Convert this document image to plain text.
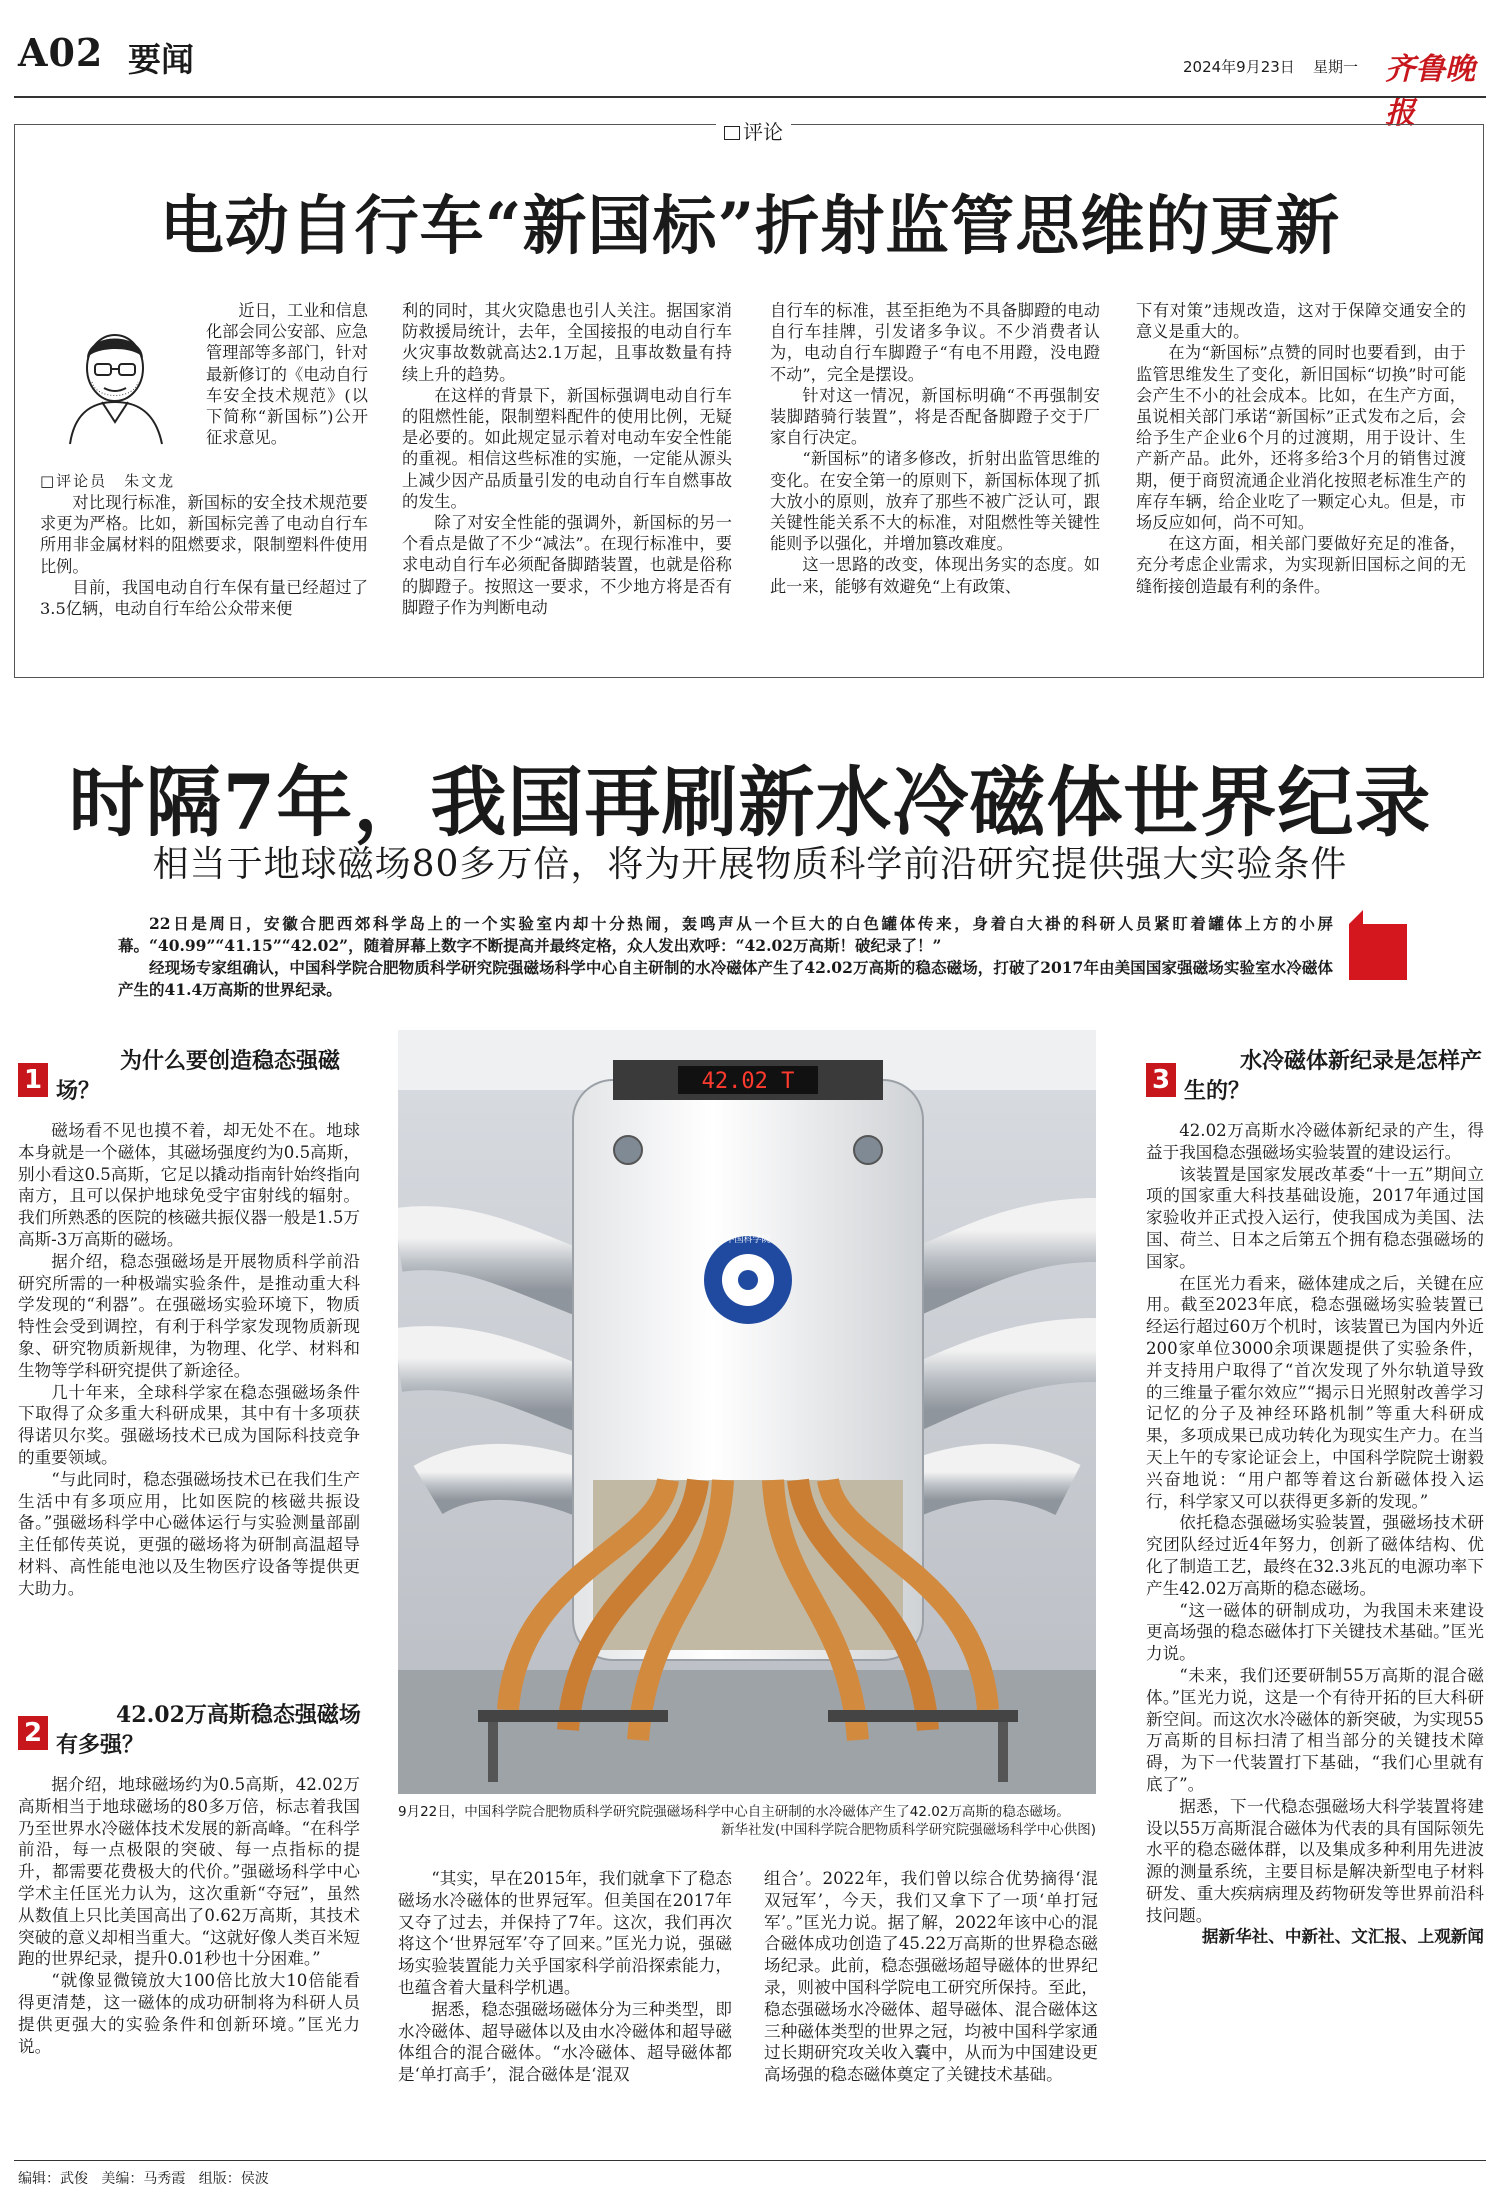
A02 要闻	2024年9月23日 星期一 齐鲁晚报
评论
电动自行车“新国标”折射监管思维的更新
□评论员　朱文龙

近日，工业和信息化部会同公安部、应急管理部等多部门，针对最新修订的《电动自行车安全技术规范》(以下简称“新国标”)公开征求意见。

对比现行标准，新国标的安全技术规范要求更为严格。比如，新国标完善了电动自行车所用非金属材料的阻燃要求，限制塑料件使用比例。

目前，我国电动自行车保有量已经超过了3.5亿辆，电动自行车给公众带来便

利的同时，其火灾隐患也引人关注。据国家消防救援局统计，去年，全国接报的电动自行车火灾事故数就高达2.1万起，且事故数量有持续上升的趋势。

在这样的背景下，新国标强调电动自行车的阻燃性能，限制塑料配件的使用比例，无疑是必要的。如此规定显示着对电动车安全性能的重视。相信这些标准的实施，一定能从源头上减少因产品质量引发的电动自行车自燃事故的发生。

除了对安全性能的强调外，新国标的另一个看点是做了不少“减法”。在现行标准中，要求电动自行车必须配备脚踏装置，也就是俗称的脚蹬子。按照这一要求，不少地方将是否有脚蹬子作为判断电动

自行车的标准，甚至拒绝为不具备脚蹬的电动自行车挂牌，引发诸多争议。不少消费者认为，电动自行车脚蹬子“有电不用蹬，没电蹬不动”，完全是摆设。

针对这一情况，新国标明确“不再强制安装脚踏骑行装置”，将是否配备脚蹬子交于厂家自行决定。

“新国标”的诸多修改，折射出监管思维的变化。在安全第一的原则下，新国标体现了抓大放小的原则，放弃了那些不被广泛认可，跟关键性能关系不大的标准，对阻燃性等关键性能则予以强化，并增加篡改难度。

这一思路的改变，体现出务实的态度。如此一来，能够有效避免“上有政策、

下有对策”违规改造，这对于保障交通安全的意义是重大的。

在为“新国标”点赞的同时也要看到，由于监管思维发生了变化，新旧国标“切换”时可能会产生不小的社会成本。比如，在生产方面，虽说相关部门承诺“新国标”正式发布之后，会给予生产企业6个月的过渡期，用于设计、生产新产品。此外，还将多给3个月的销售过渡期，便于商贸流通企业消化按照老标准生产的库存车辆，给企业吃了一颗定心丸。但是，市场反应如何，尚不可知。

在这方面，相关部门要做好充足的准备，充分考虑企业需求，为实现新旧国标之间的无缝衔接创造最有利的条件。

时隔7年，我国再刷新水冷磁体世界纪录
相当于地球磁场80多万倍，将为开展物质科学前沿研究提供强大实验条件

22日是周日，安徽合肥西郊科学岛上的一个实验室内却十分热闹，轰鸣声从一个巨大的白色罐体传来，身着白大褂的科研人员紧盯着罐体上方的小屏幕。“40.99”“41.15”“42.02”，随着屏幕上数字不断提高并最终定格，众人发出欢呼：“42.02万高斯！破纪录了！”

经现场专家组确认，中国科学院合肥物质科学研究院强磁场科学中心自主研制的水冷磁体产生了42.02万高斯的稳态磁场，打破了2017年由美国国家强磁场实验室水冷磁体产生的41.4万高斯的世界纪录。

1
为什么要创造稳态强磁场？

磁场看不见也摸不着，却无处不在。地球本身就是一个磁体，其磁场强度约为0.5高斯，别小看这0.5高斯，它足以撬动指南针始终指向南方，且可以保护地球免受宇宙射线的辐射。我们所熟悉的医院的核磁共振仪器一般是1.5万高斯-3万高斯的磁场。

据介绍，稳态强磁场是开展物质科学前沿研究所需的一种极端实验条件，是推动重大科学发现的“利器”。在强磁场实验环境下，物质特性会受到调控，有利于科学家发现物质新现象、研究物质新规律，为物理、化学、材料和生物等学科研究提供了新途径。

几十年来，全球科学家在稳态强磁场条件下取得了众多重大科研成果，其中有十多项获得诺贝尔奖。强磁场技术已成为国际科技竞争的重要领域。

“与此同时，稳态强磁场技术已在我们生产生活中有多项应用，比如医院的核磁共振设备。”强磁场科学中心磁体运行与实验测量部副主任郁传英说，更强的磁场将为研制高温超导材料、高性能电池以及生物医疗设备等提供更大助力。

2
42.02万高斯稳态强磁场有多强？

据介绍，地球磁场约为0.5高斯，42.02万高斯相当于地球磁场的80多万倍，标志着我国乃至世界水冷磁体技术发展的新高峰。“在科学前沿，每一点极限的突破、每一点指标的提升，都需要花费极大的代价。”强磁场科学中心学术主任匡光力认为，这次重新“夺冠”，虽然从数值上只比美国高出了0.62万高斯，其技术突破的意义却相当重大。“这就好像人类百米短跑的世界纪录，提升0.01秒也十分困难。”

“就像显微镜放大100倍比放大10倍能看得更清楚，这一磁体的成功研制将为科研人员提供更强大的实验条件和创新环境。”匡光力说。

42.02 T
中国科学院

9月22日，中国科学院合肥物质科学研究院强磁场科学中心自主研制的水冷磁体产生了42.02万高斯的稳态磁场。

新华社发(中国科学院合肥物质科学研究院强磁场科学中心供图)

“其实，早在2015年，我们就拿下了稳态磁场水冷磁体的世界冠军。但美国在2017年又夺了过去，并保持了7年。这次，我们再次将这个‘世界冠军’夺了回来。”匡光力说，强磁场实验装置能力关乎国家科学前沿探索能力，也蕴含着大量科学机遇。

据悉，稳态强磁场磁体分为三种类型，即水冷磁体、超导磁体以及由水冷磁体和超导磁体组合的混合磁体。“水冷磁体、超导磁体都是‘单打高手’，混合磁体是‘混双

组合’。2022年，我们曾以综合优势摘得‘混双冠军’，今天，我们又拿下了一项‘单打冠军’。”匡光力说。据了解，2022年该中心的混合磁体成功创造了45.22万高斯的世界稳态磁场纪录。此前，稳态强磁场超导磁体的世界纪录，则被中国科学院电工研究所保持。至此，稳态强磁场水冷磁体、超导磁体、混合磁体这三种磁体类型的世界之冠，均被中国科学家通过长期研究攻关收入囊中，从而为中国建设更高场强的稳态磁体奠定了关键技术基础。

3
水冷磁体新纪录是怎样产生的？

42.02万高斯水冷磁体新纪录的产生，得益于我国稳态强磁场实验装置的建设运行。

该装置是国家发展改革委“十一五”期间立项的国家重大科技基础设施，2017年通过国家验收并正式投入运行，使我国成为美国、法国、荷兰、日本之后第五个拥有稳态强磁场的国家。

在匡光力看来，磁体建成之后，关键在应用。截至2023年底，稳态强磁场实验装置已经运行超过60万个机时，该装置已为国内外近200家单位3000余项课题提供了实验条件，并支持用户取得了“首次发现了外尔轨道导致的三维量子霍尔效应”“揭示日光照射改善学习记忆的分子及神经环路机制”等重大科研成果，多项成果已成功转化为现实生产力。在当天上午的专家论证会上，中国科学院院士谢毅兴奋地说：“用户都等着这台新磁体投入运行，科学家又可以获得更多新的发现。”

依托稳态强磁场实验装置，强磁场技术研究团队经过近4年努力，创新了磁体结构、优化了制造工艺，最终在32.3兆瓦的电源功率下产生42.02万高斯的稳态磁场。

“这一磁体的研制成功，为我国未来建设更高场强的稳态磁体打下关键技术基础。”匡光力说。

“未来，我们还要研制55万高斯的混合磁体。”匡光力说，这是一个有待开拓的巨大科研新空间。而这次水冷磁体的新突破，为实现55万高斯的目标扫清了相当部分的关键技术障碍，为下一代装置打下基础，“我们心里就有底了”。

据悉，下一代稳态强磁场大科学装置将建设以55万高斯混合磁体为代表的具有国际领先水平的稳态磁体群，以及集成多种利用先进波源的测量系统，主要目标是解决新型电子材料研发、重大疾病病理及药物研发等世界前沿科技问题。

据新华社、中新社、文汇报、上观新闻

编辑：武俊 美编：马秀霞 组版：侯波
